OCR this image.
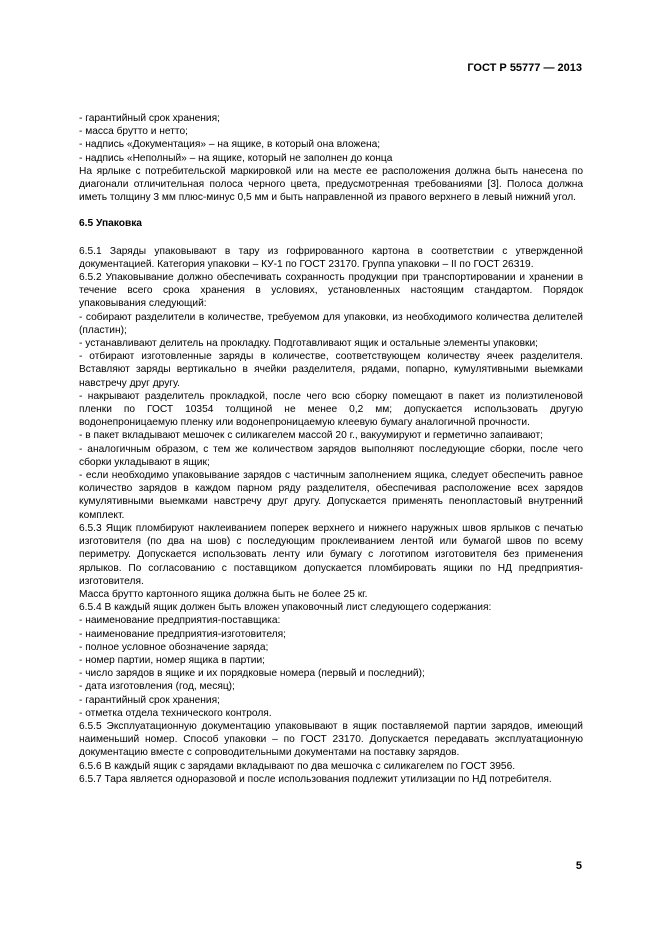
ГОСТ Р 55777 — 2013

- гарантийный срок хранения;

- масса брутто и нетто;

- надпись «Документация» – на ящике, в который она вложена;

- надпись «Неполный» – на ящике, который не заполнен до конца

На ярлыке с потребительской маркировкой или на месте ее расположения должна быть нанесена по диагонали отличительная полоса черного цвета, предусмотренная требованиями [3]. Полоса должна иметь толщину 3 мм плюс-минус 0,5 мм и быть направленной из правого верхнего в левый нижний угол.

6.5 Упаковка

6.5.1 Заряды упаковывают в тару из гофрированного картона в соответствии с утвержденной документацией. Категория упаковки – КУ-1 по ГОСТ 23170. Группа упаковки – II по ГОСТ 26319.

6.5.2 Упаковывание должно обеспечивать сохранность продукции при транспортировании и хранении в течение всего срока хранения в условиях, установленных настоящим стандартом. Порядок упаковывания следующий:

- собирают разделители в количестве, требуемом для упаковки, из необходимого количества делителей (пластин);

- устанавливают делитель на прокладку. Подготавливают ящик и остальные элементы упаковки;

- отбирают изготовленные заряды в количестве, соответствующем количеству ячеек разделителя. Вставляют заряды вертикально в ячейки разделителя, рядами, попарно, кумулятивными выемками навстречу друг другу.

- накрывают разделитель прокладкой, после чего всю сборку помещают в пакет из полиэтиленовой пленки по ГОСТ 10354 толщиной не менее 0,2 мм; допускается использовать другую водонепроницаемую пленку или водонепроницаемую клеевую бумагу аналогичной прочности.

- в пакет вкладывают мешочек с силикагелем массой 20 г., вакуумируют и герметично запаивают;

- аналогичным образом, с тем же количеством зарядов выполняют последующие сборки, после чего сборки укладывают в ящик;

- если необходимо упаковывание зарядов с частичным заполнением ящика, следует обеспечить равное количество зарядов в каждом парном ряду разделителя, обеспечивая расположение всех зарядов кумулятивными выемками навстречу друг другу. Допускается применять пенопластовый внутренний комплект.

6.5.3 Ящик пломбируют наклеиванием поперек верхнего и нижнего наружных швов ярлыков с печатью изготовителя (по два на шов) с последующим проклеиванием лентой или бумагой швов по всему периметру. Допускается использовать ленту или бумагу с логотипом изготовителя без применения ярлыков. По согласованию с поставщиком допускается пломбировать ящики по НД предприятия-изготовителя.

Масса брутто картонного ящика должна быть не более 25 кг.

6.5.4 В каждый ящик должен быть вложен упаковочный лист следующего содержания:

- наименование предприятия-поставщика:

- наименование предприятия-изготовителя;

- полное условное обозначение заряда;

- номер партии, номер ящика в партии;

- число зарядов в ящике и их порядковые номера (первый и последний);

- дата изготовления (год, месяц);

- гарантийный срок хранения;

- отметка отдела технического контроля.

6.5.5 Эксплуатационную документацию упаковывают в ящик поставляемой партии зарядов, имеющий наименьший номер. Способ упаковки – по ГОСТ 23170. Допускается передавать эксплуатационную документацию вместе с сопроводительными документами на поставку зарядов.

6.5.6 В каждый ящик с зарядами вкладывают по два мешочка с силикагелем по ГОСТ 3956.

6.5.7 Тара является одноразовой и после использования подлежит утилизации по НД потребителя.

5
